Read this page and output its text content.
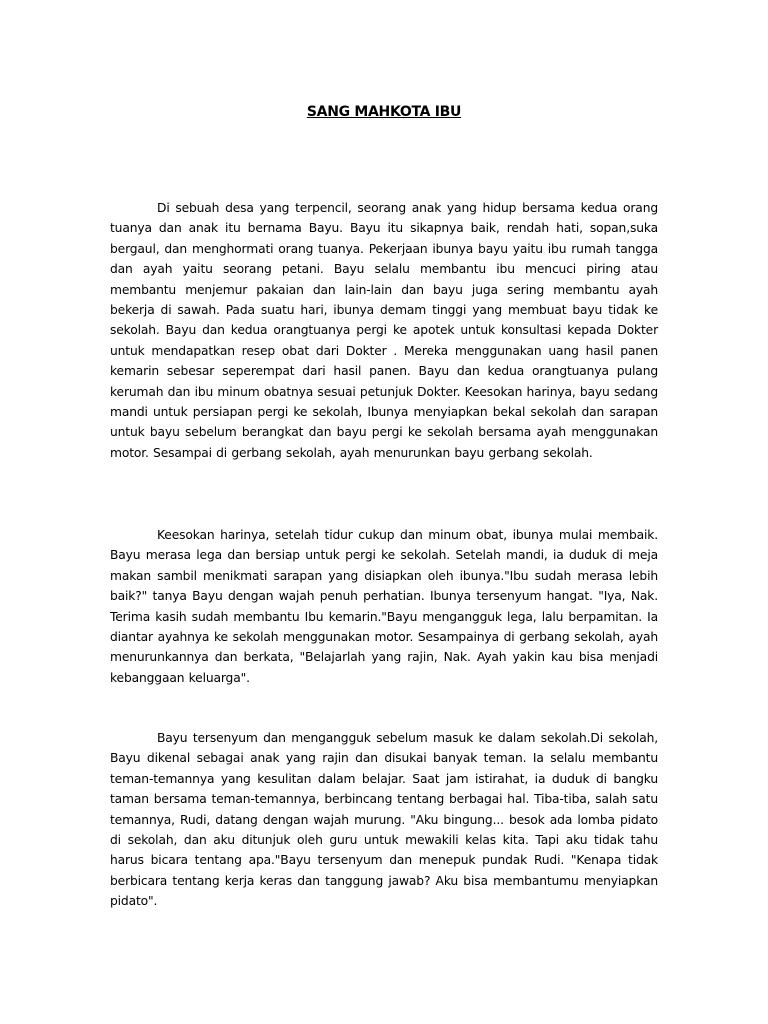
SANG MAHKOTA IBU

Di sebuah desa yang terpencil, seorang anak yang hidup bersama kedua orang tuanya dan anak itu bernama Bayu. Bayu itu sikapnya baik, rendah hati, sopan,suka bergaul, dan menghormati orang tuanya. Pekerjaan ibunya bayu yaitu ibu rumah tangga dan ayah yaitu seorang petani. Bayu selalu membantu ibu mencuci piring atau membantu menjemur pakaian dan lain-lain dan bayu juga sering membantu ayah bekerja di sawah. Pada suatu hari, ibunya demam tinggi yang membuat bayu tidak ke sekolah. Bayu dan kedua orangtuanya pergi ke apotek untuk konsultasi kepada Dokter untuk mendapatkan resep obat dari Dokter . Mereka menggunakan uang hasil panen kemarin sebesar seperempat dari hasil panen. Bayu dan kedua orangtuanya pulang kerumah dan ibu minum obatnya sesuai petunjuk Dokter. Keesokan harinya, bayu sedang mandi untuk persiapan pergi ke sekolah, Ibunya menyiapkan bekal sekolah dan sarapan untuk bayu sebelum berangkat dan bayu pergi ke sekolah bersama ayah menggunakan motor. Sesampai di gerbang sekolah, ayah menurunkan bayu gerbang sekolah.

Keesokan harinya, setelah tidur cukup dan minum obat, ibunya mulai membaik. Bayu merasa lega dan bersiap untuk pergi ke sekolah. Setelah mandi, ia duduk di meja makan sambil menikmati sarapan yang disiapkan oleh ibunya."Ibu sudah merasa lebih baik?" tanya Bayu dengan wajah penuh perhatian. Ibunya tersenyum hangat. "Iya, Nak. Terima kasih sudah membantu Ibu kemarin."Bayu mengangguk lega, lalu berpamitan. Ia diantar ayahnya ke sekolah menggunakan motor. Sesampainya di gerbang sekolah, ayah menurunkannya dan berkata, "Belajarlah yang rajin, Nak. Ayah yakin kau bisa menjadi kebanggaan keluarga".

Bayu tersenyum dan mengangguk sebelum masuk ke dalam sekolah.Di sekolah, Bayu dikenal sebagai anak yang rajin dan disukai banyak teman. Ia selalu membantu teman-temannya yang kesulitan dalam belajar. Saat jam istirahat, ia duduk di bangku taman bersama teman-temannya, berbincang tentang berbagai hal. Tiba-tiba, salah satu temannya, Rudi, datang dengan wajah murung. "Aku bingung... besok ada lomba pidato di sekolah, dan aku ditunjuk oleh guru untuk mewakili kelas kita. Tapi aku tidak tahu harus bicara tentang apa."Bayu tersenyum dan menepuk pundak Rudi. "Kenapa tidak berbicara tentang kerja keras dan tanggung jawab? Aku bisa membantumu menyiapkan pidato".
